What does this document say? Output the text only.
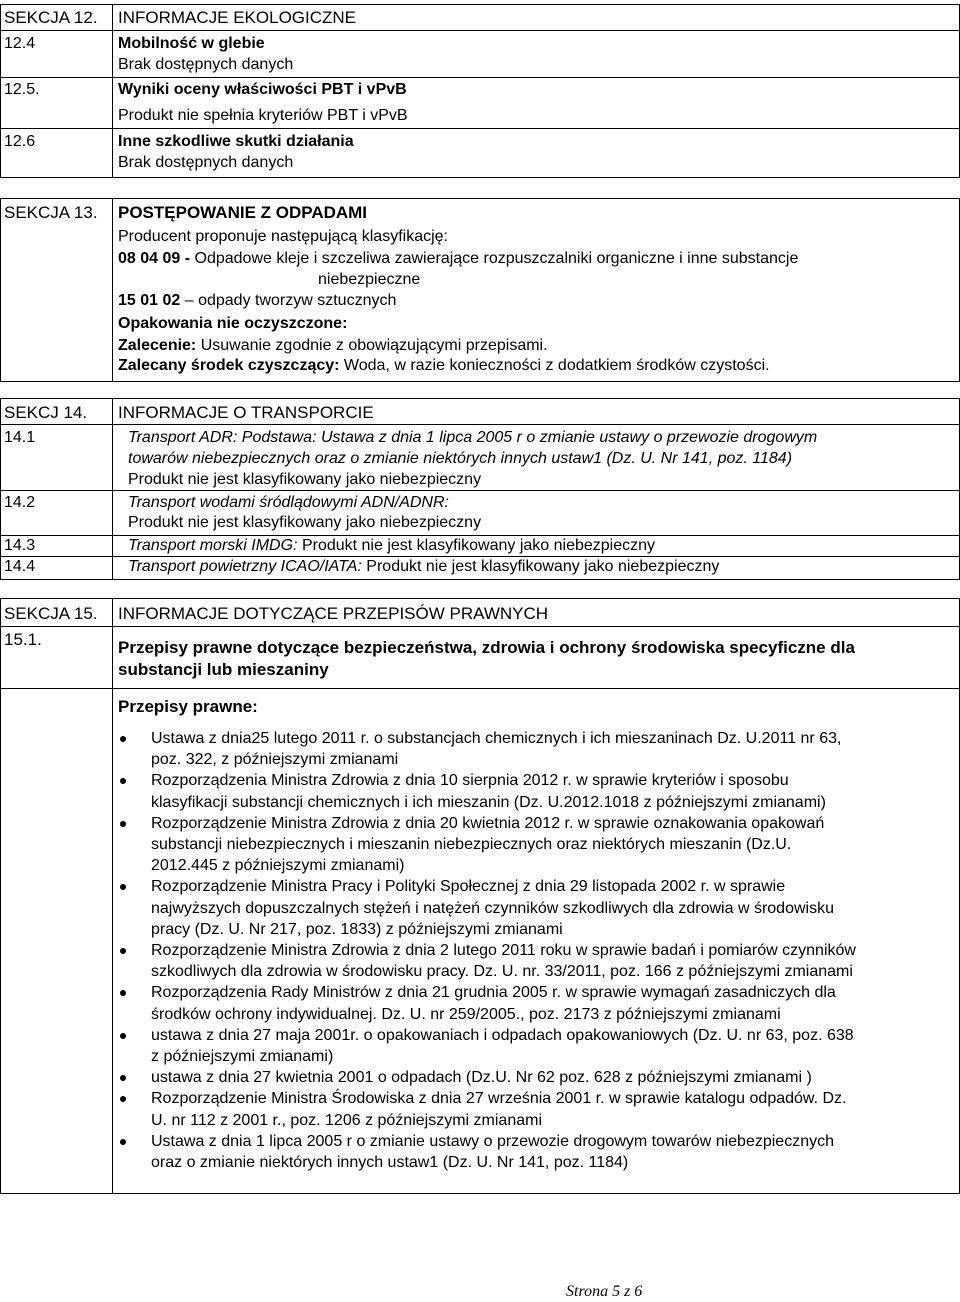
SEKCJA 12. INFORMACJE EKOLOGICZNE
12.4	Mobilność w glebie
Brak dostępnych danych
12.5.	Wyniki oceny właściwości PBT i vPvB
Produkt nie spełnia kryteriów PBT i vPvB
12.6	Inne szkodliwe skutki działania
Brak dostępnych danych
SEKCJA 13. POSTĘPOWANIE Z ODPADAMI
Producent proponuje następującą klasyfikację:
08 04 09 - Odpadowe kleje i szczeliwa zawierające rozpuszczalniki organiczne i inne substancje
niebezpieczne
15 01 02 – odpady tworzyw sztucznych
Opakowania nie oczyszczone:
Zalecenie: Usuwanie zgodnie z obowiązującymi przepisami.
Zalecany środek czyszczący: Woda, w razie konieczności z dodatkiem środków czystości.
SEKCJ 14. INFORMACJE O TRANSPORCIE
14.1	Transport ADR: Podstawa: Ustawa z dnia 1 lipca 2005 r o zmianie ustawy o przewozie drogowym
towarów niebezpiecznych oraz o zmianie niektórych innych ustaw1 (Dz. U. Nr 141, poz. 1184)
Produkt nie jest klasyfikowany jako niebezpieczny
14.2	Transport wodami śródlądowymi ADN/ADNR:
Produkt nie jest klasyfikowany jako niebezpieczny
14.3	Transport morski IMDG: Produkt nie jest klasyfikowany jako niebezpieczny
14.4	Transport powietrzny ICAO/IATA: Produkt nie jest klasyfikowany jako niebezpieczny
SEKCJA 15. INFORMACJE DOTYCZĄCE PRZEPISÓW PRAWNYCH
15.1.	Przepisy prawne dotyczące bezpieczeństwa, zdrowia i ochrony środowiska specyficzne dla
substancji lub mieszaniny
Przepisy prawne:
Ustawa z dnia25 lutego 2011 r. o substancjach chemicznych i ich mieszaninach Dz. U.2011 nr 63,
poz. 322, z późniejszymi zmianami
Rozporządzenia Ministra Zdrowia z dnia 10 sierpnia 2012 r. w sprawie kryteriów i sposobu
klasyfikacji substancji chemicznych i ich mieszanin (Dz. U.2012.1018 z późniejszymi zmianami)
Rozporządzenie Ministra Zdrowia z dnia 20 kwietnia 2012 r. w sprawie oznakowania opakowań
substancji niebezpiecznych i mieszanin niebezpiecznych oraz niektórych mieszanin (Dz.U.
2012.445 z późniejszymi zmianami)
Rozporządzenie Ministra Pracy i Polityki Społecznej z dnia 29 listopada 2002 r. w sprawie
najwyższych dopuszczalnych stężeń i natężeń czynników szkodliwych dla zdrowia w środowisku
pracy (Dz. U. Nr 217, poz. 1833) z późniejszymi zmianami
Rozporządzenie Ministra Zdrowia z dnia 2 lutego 2011 roku w sprawie badań i pomiarów czynników
szkodliwych dla zdrowia w środowisku pracy. Dz. U. nr. 33/2011, poz. 166 z późniejszymi zmianami
Rozporządzenia Rady Ministrów z dnia 21 grudnia 2005 r. w sprawie wymagań zasadniczych dla
środków ochrony indywidualnej. Dz. U. nr 259/2005., poz. 2173 z późniejszymi zmianami
ustawa z dnia 27 maja 2001r. o opakowaniach i odpadach opakowaniowych (Dz. U. nr 63, poz. 638
z późniejszymi zmianami)
ustawa z dnia 27 kwietnia 2001 o odpadach (Dz.U. Nr 62 poz. 628 z późniejszymi zmianami )
Rozporządzenie Ministra Środowiska z dnia 27 września 2001 r. w sprawie katalogu odpadów. Dz.
U. nr 112 z 2001 r., poz. 1206 z późniejszymi zmianami
Ustawa z dnia 1 lipca 2005 r o zmianie ustawy o przewozie drogowym towarów niebezpiecznych
oraz o zmianie niektórych innych ustaw1 (Dz. U. Nr 141, poz. 1184)
Strona 5 z 6
